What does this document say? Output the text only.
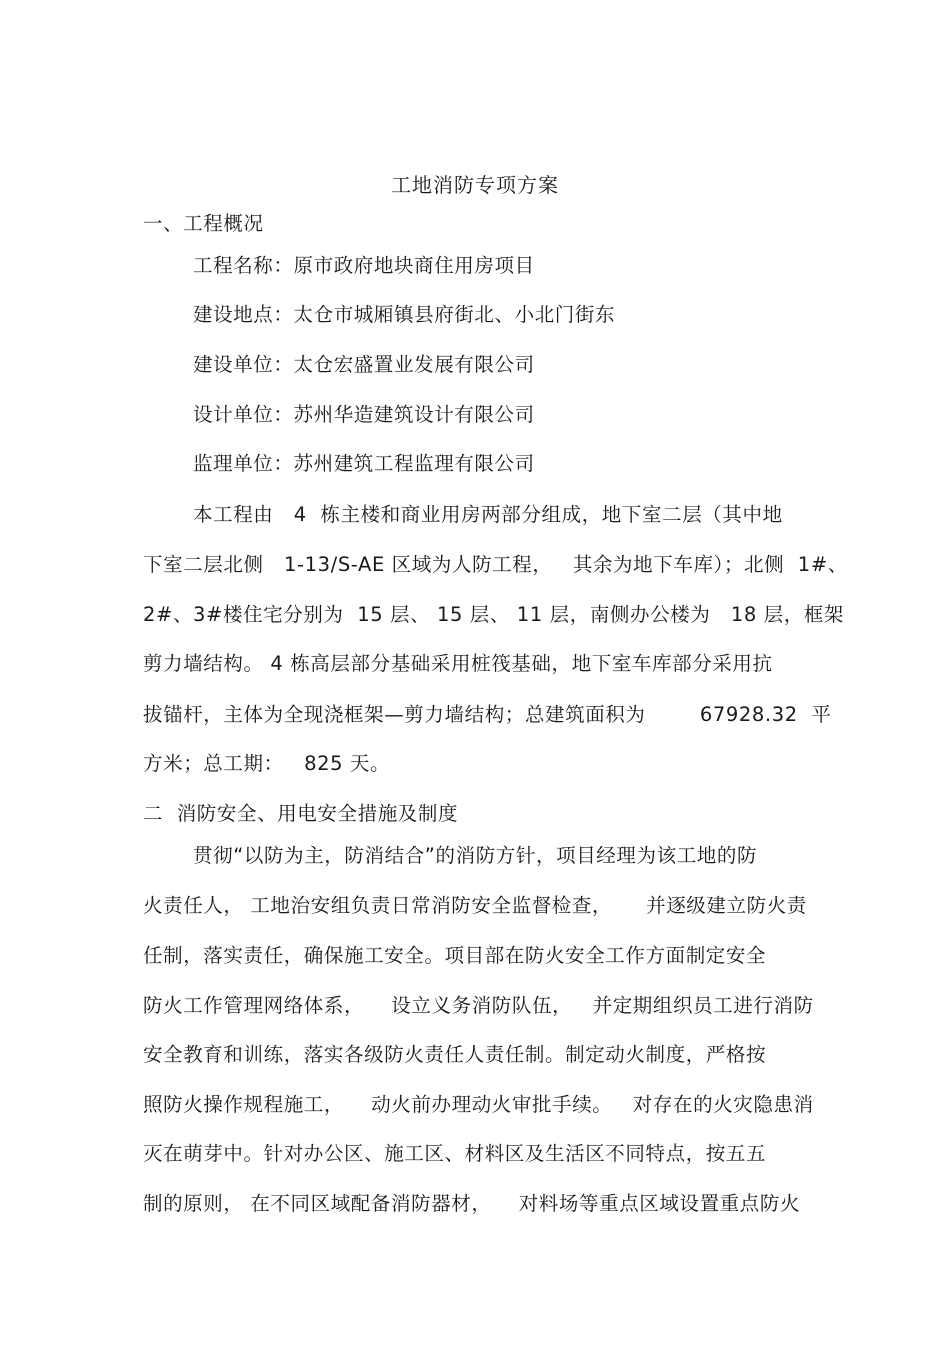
工地消防专项方案
一、工程概况
工程名称：原市政府地块商住用房项目
建设地点：太仓市城厢镇县府街北、小北门街东
建设单位：太仓宏盛置业发展有限公司
设计单位：苏州华造建筑设计有限公司
监理单位：苏州建筑工程监理有限公司
本工程由   4  栋主楼和商业用房两部分组成，地下室二层（其中地
下室二层北侧   1-13/S-AE 区域为人防工程，   其余为地下车库）；北侧  1#、
2#、3#楼住宅分别为  15 层、 15 层、 11 层，南侧办公楼为   18 层，框架
剪力墙结构。 4 栋高层部分基础采用桩筏基础，地下室车库部分采用抗
拔锚杆，主体为全现浇框架—剪力墙结构；总建筑面积为        67928.32  平
方米；总工期：   825 天。
二  消防安全、用电安全措施及制度
贯彻“以防为主，防消结合”的消防方针，项目经理为该工地的防
火责任人， 工地治安组负责日常消防安全监督检查，     并逐级建立防火责
任制，落实责任，确保施工安全。项目部在防火安全工作方面制定安全
防火工作管理网络体系，    设立义务消防队伍，   并定期组织员工进行消防
安全教育和训练，落实各级防火责任人责任制。制定动火制度，严格按
照防火操作规程施工，    动火前办理动火审批手续。   对存在的火灾隐患消
灭在萌芽中。针对办公区、施工区、材料区及生活区不同特点，按五五
制的原则， 在不同区域配备消防器材，    对料场等重点区域设置重点防火
